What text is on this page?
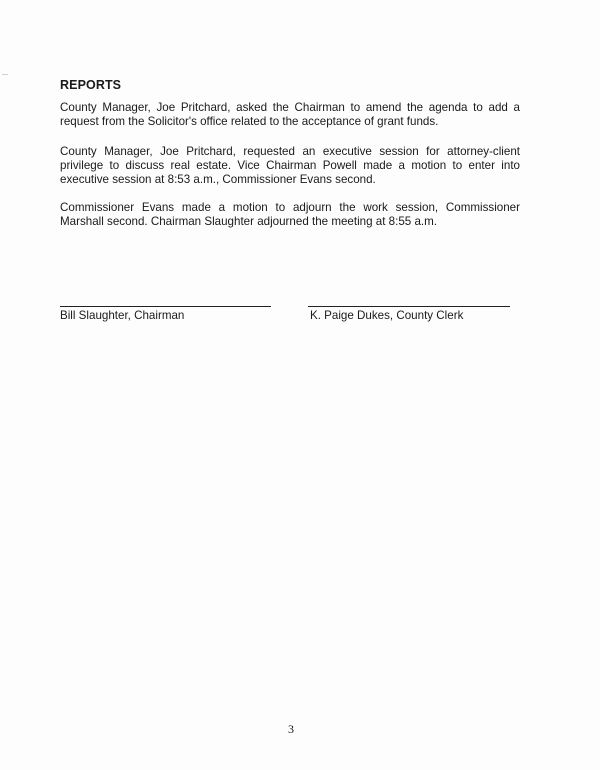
REPORTS
County Manager, Joe Pritchard, asked the Chairman to amend the agenda to add a request from the Solicitor's office related to the acceptance of grant funds.
County Manager, Joe Pritchard, requested an executive session for attorney-client privilege to discuss real estate. Vice Chairman Powell made a motion to enter into executive session at 8:53 a.m., Commissioner Evans second.
Commissioner Evans made a motion to adjourn the work session, Commissioner Marshall second. Chairman Slaughter adjourned the meeting at 8:55 a.m.
Bill Slaughter, Chairman	K. Paige Dukes, County Clerk
3
